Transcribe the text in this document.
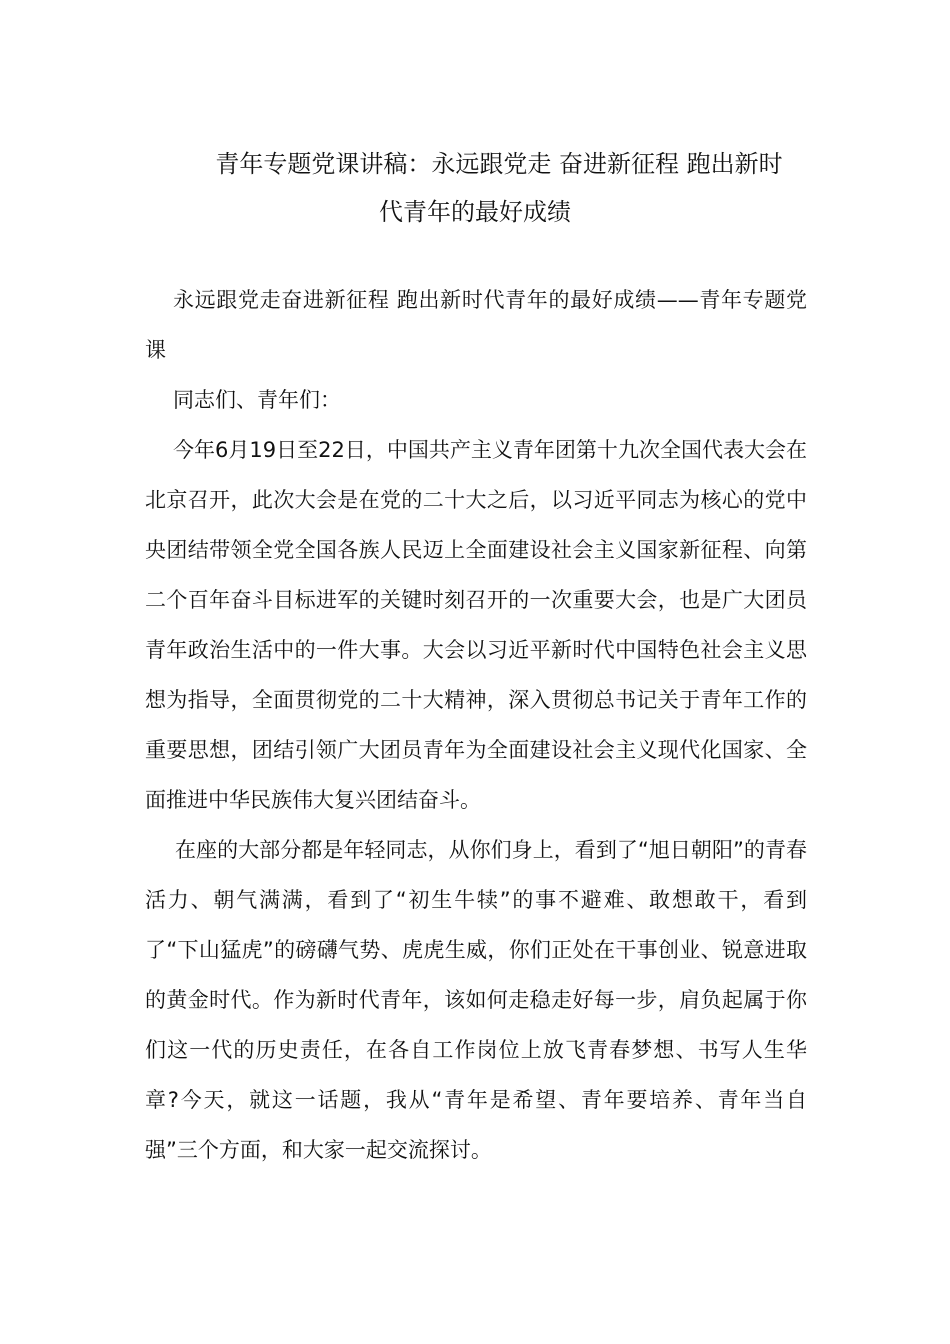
青年专题党课讲稿：永远跟党走 奋进新征程 跑出新时
代青年的最好成绩

永远跟党走奋进新征程 跑出新时代青年的最好成绩——青年专题党课

同志们、青年们：

今年6月19日至22日，中国共产主义青年团第十九次全国代表大会在北京召开，此次大会是在党的二十大之后，以习近平同志为核心的党中央团结带领全党全国各族人民迈上全面建设社会主义国家新征程、向第二个百年奋斗目标进军的关键时刻召开的一次重要大会，也是广大团员青年政治生活中的一件大事。大会以习近平新时代中国特色社会主义思想为指导，全面贯彻党的二十大精神，深入贯彻总书记关于青年工作的重要思想，团结引领广大团员青年为全面建设社会主义现代化国家、全面推进中华民族伟大复兴团结奋斗。

在座的大部分都是年轻同志，从你们身上，看到了“旭日朝阳”的青春活力、朝气满满，看到了“初生牛犊”的事不避难、敢想敢干，看到了“下山猛虎”的磅礴气势、虎虎生威，你们正处在干事创业、锐意进取的黄金时代。作为新时代青年，该如何走稳走好每一步，肩负起属于你们这一代的历史责任，在各自工作岗位上放飞青春梦想、书写人生华章?今天，就这一话题，我从“青年是希望、青年要培养、青年当自强”三个方面，和大家一起交流探讨。
